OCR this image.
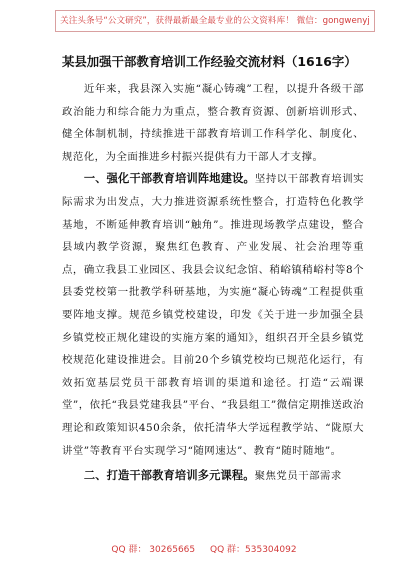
关注头条号“公文研究”，获得最新最全最专业的公文资料库！ 微信：gongwenyj
某县加强干部教育培训工作经验交流材料（1616字）

近年来，我县深入实施“凝心铸魂”工程，以提升各级干部政治能力和综合能力为重点，整合教育资源、创新培训形式、健全体制机制，持续推进干部教育培训工作科学化、制度化、规范化，为全面推进乡村振兴提供有力干部人才支撑。

一、强化干部教育培训阵地建设。坚持以干部教育培训实际需求为出发点，大力推进资源系统性整合，打造特色化教学基地，不断延伸教育培训“触角”。推进现场教学点建设，整合县域内教学资源，聚焦红色教育、产业发展、社会治理等重点，确立我县工业园区、我县会议纪念馆、稍峪镇稍峪村等8个县委党校第一批教学科研基地，为实施“凝心铸魂”工程提供重要阵地支撑。规范乡镇党校建设，印发《关于进一步加强全县乡镇党校正规化建设的实施方案的通知》，组织召开全县乡镇党校规范化建设推进会。目前20个乡镇党校均已规范化运行，有效拓宽基层党员干部教育培训的渠道和途径。打造“云端课堂”，依托“我县党建我县”平台、“我县组工”微信定期推送政治理论和政策知识450余条，依托清华大学远程教学站、“陇原大讲堂”等教育平台实现学习“随网速达”、教育“随时随地”。

二、打造干部教育培训多元课程。聚焦党员干部需求

QQ 群： 30265665 QQ 群：535304092
